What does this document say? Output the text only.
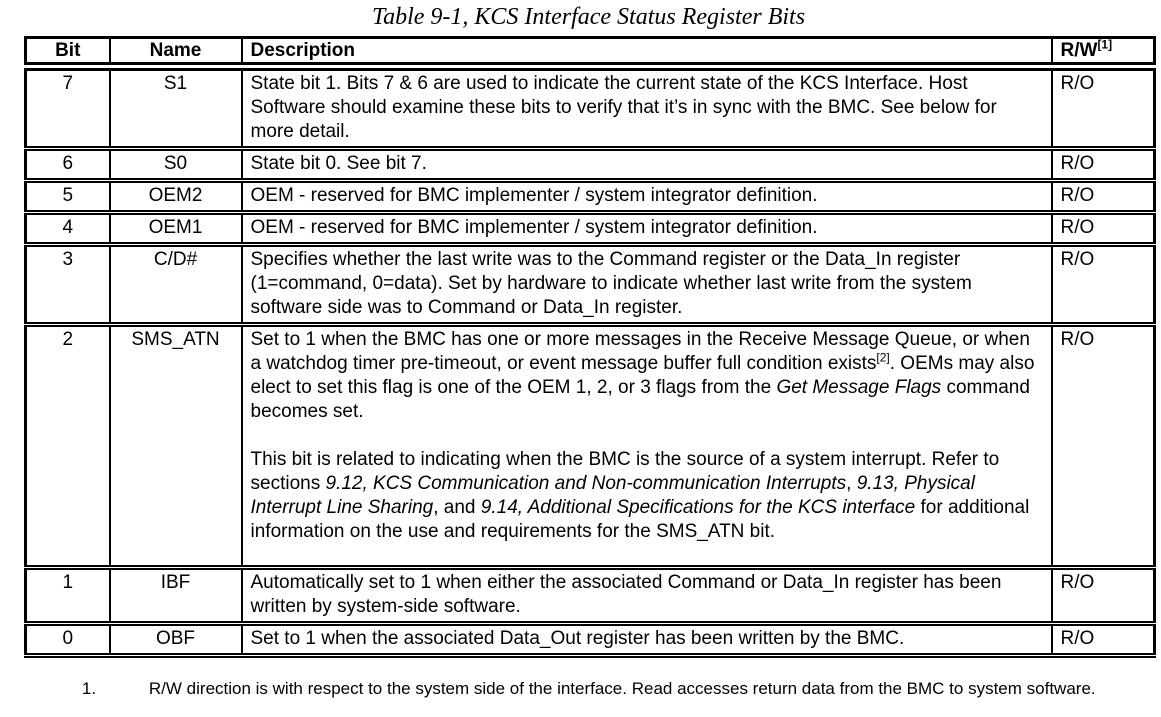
Table 9-1, KCS Interface Status Register Bits
Bit	Name	Description	R/W[1]
7	S1	State bit 1. Bits 7 & 6 are used to indicate the current state of the KCS Interface. Host Software should examine these bits to verify that it’s in sync with the BMC. See below for more detail.	R/O
6	S0	State bit 0. See bit 7.	R/O
5	OEM2	OEM - reserved for BMC implementer / system integrator definition.	R/O
4	OEM1	OEM - reserved for BMC implementer / system integrator definition.	R/O
3	C/D#	Specifies whether the last write was to the Command register or the Data_In register  (1=command, 0=data). Set by hardware to indicate whether last write from the system software side was to Command or Data_In register.	R/O
2	SMS_ATN	Set to 1 when the BMC has one or more messages in the Receive Message Queue, or when a watchdog timer pre-timeout, or event message buffer full condition exists[2]. OEMs may also elect to set this flag is one of the OEM 1, 2, or 3 flags from the Get Message Flags command becomes set.
This bit is related to indicating when the BMC is the source of a system interrupt. Refer to sections 9.12, KCS Communication and Non-communication Interrupts, 9.13, Physical Interrupt Line Sharing, and 9.14, Additional Specifications for the KCS interface for additional information on the use and requirements for the SMS_ATN bit.	R/O
1	IBF	Automatically set to 1 when either the associated Command or Data_In register has been written by system-side software.	R/O
0	OBF	Set to 1 when the associated Data_Out register has been written by the BMC.	R/O

1.	R/W direction is with respect to the system side of the interface. Read accesses return data from the BMC to system software.
